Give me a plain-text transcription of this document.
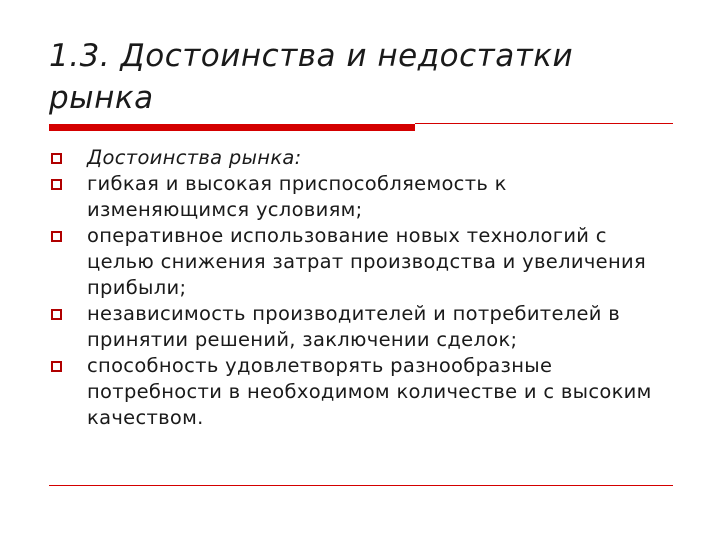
1.3. Достоинства и недостатки рынка
Достоинства рынка:
гибкая и высокая приспособляемость к изменяющимся условиям;
оперативное использование новых технологий с целью снижения затрат производства и увеличения прибыли;
независимость производителей и потребителей в принятии решений, заключении сделок;
способность удовлетворять разнообразные потребности в необходимом количестве и с высоким качеством.
